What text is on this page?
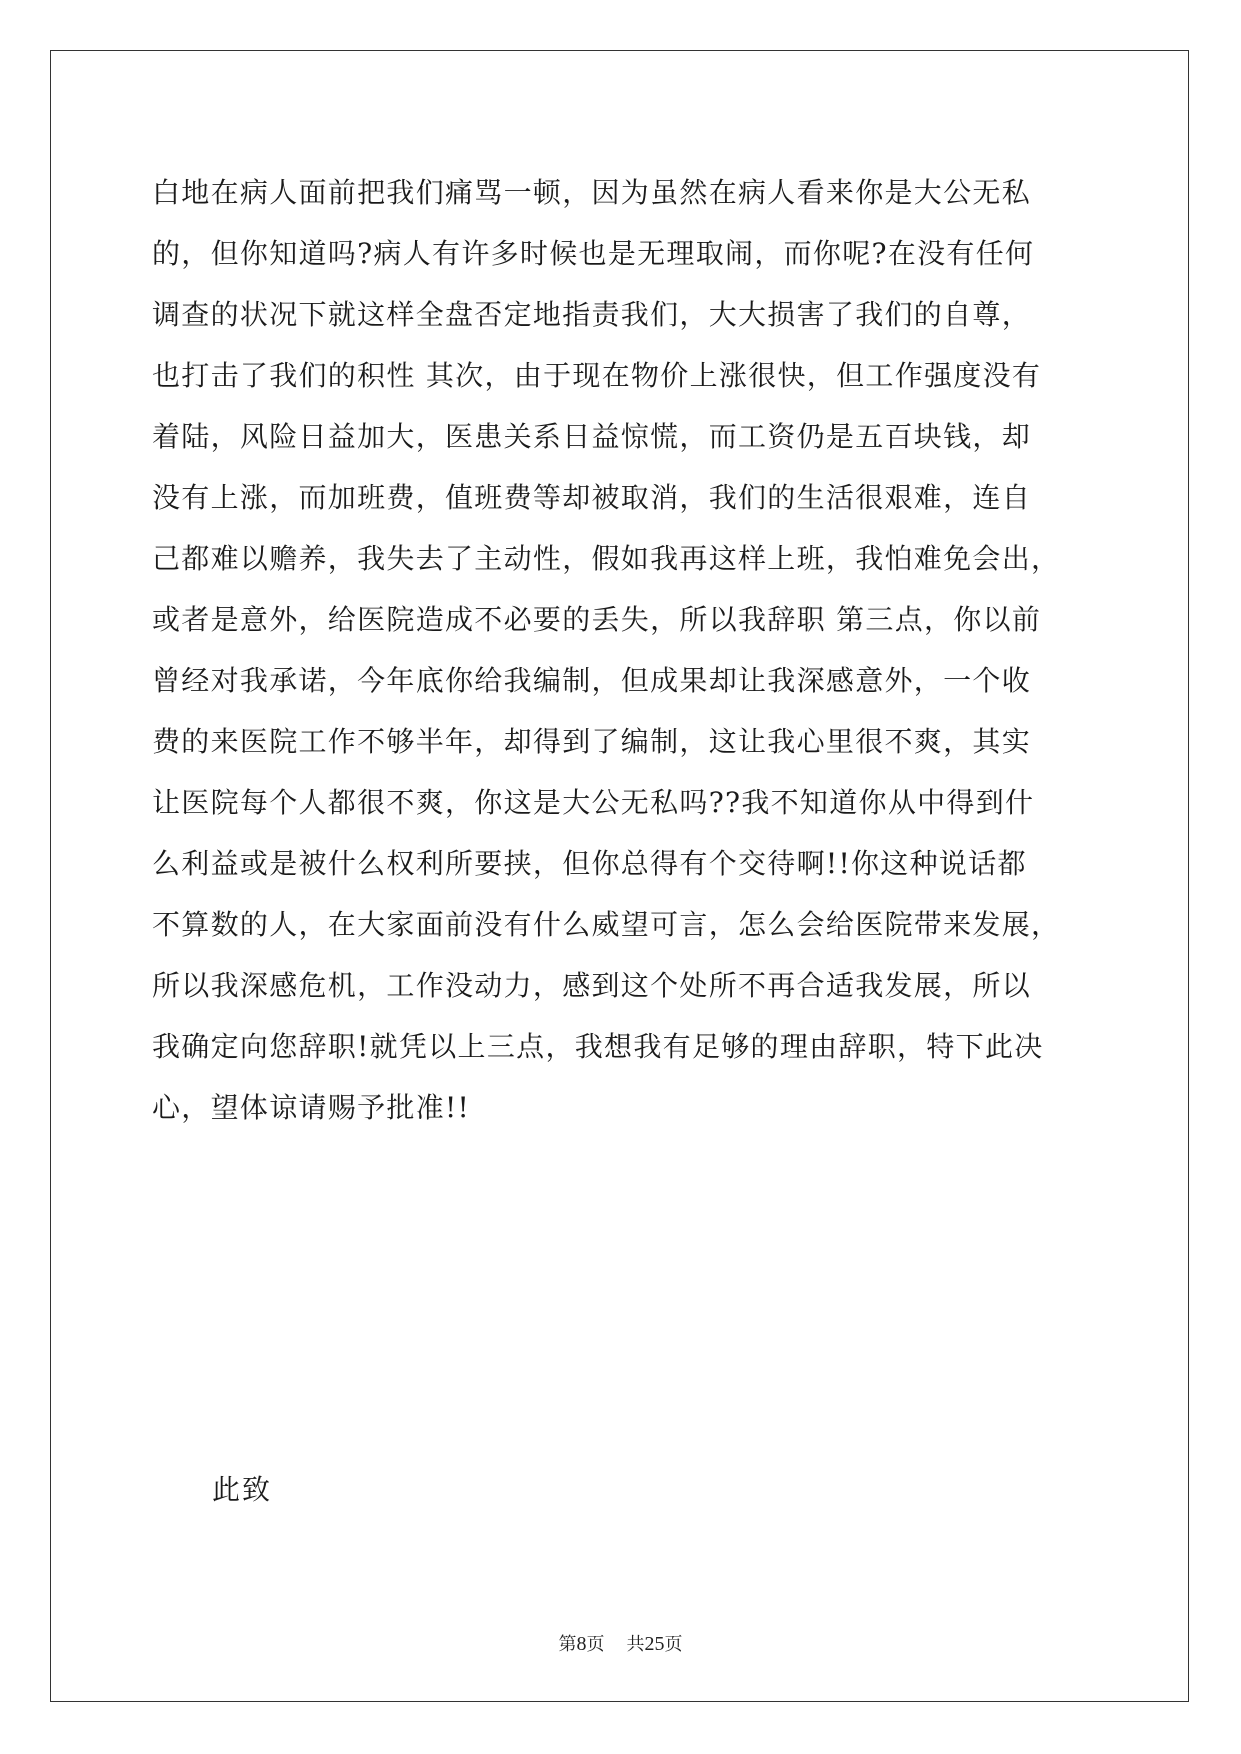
白地在病人面前把我们痛骂一顿，因为虽然在病人看来你是大公无私
的，但你知道吗?病人有许多时候也是无理取闹，而你呢?在没有任何
调查的状况下就这样全盘否定地指责我们，大大损害了我们的自尊，
也打击了我们的积性 其次，由于现在物价上涨很快，但工作强度没有
着陆，风险日益加大，医患关系日益惊慌，而工资仍是五百块钱，却
没有上涨，而加班费，值班费等却被取消，我们的生活很艰难，连自
己都难以赡养，我失去了主动性，假如我再这样上班，我怕难免会出，
或者是意外，给医院造成不必要的丢失，所以我辞职 第三点，你以前
曾经对我承诺，今年底你给我编制，但成果却让我深感意外，一个收
费的来医院工作不够半年，却得到了编制，这让我心里很不爽，其实
让医院每个人都很不爽，你这是大公无私吗??我不知道你从中得到什
么利益或是被什么权利所要挟，但你总得有个交待啊!!你这种说话都
不算数的人，在大家面前没有什么威望可言，怎么会给医院带来发展，
所以我深感危机，工作没动力，感到这个处所不再合适我发展，所以
我确定向您辞职!就凭以上三点，我想我有足够的理由辞职，特下此决
心，望体谅请赐予批准!!
此致
第8页 共25页
